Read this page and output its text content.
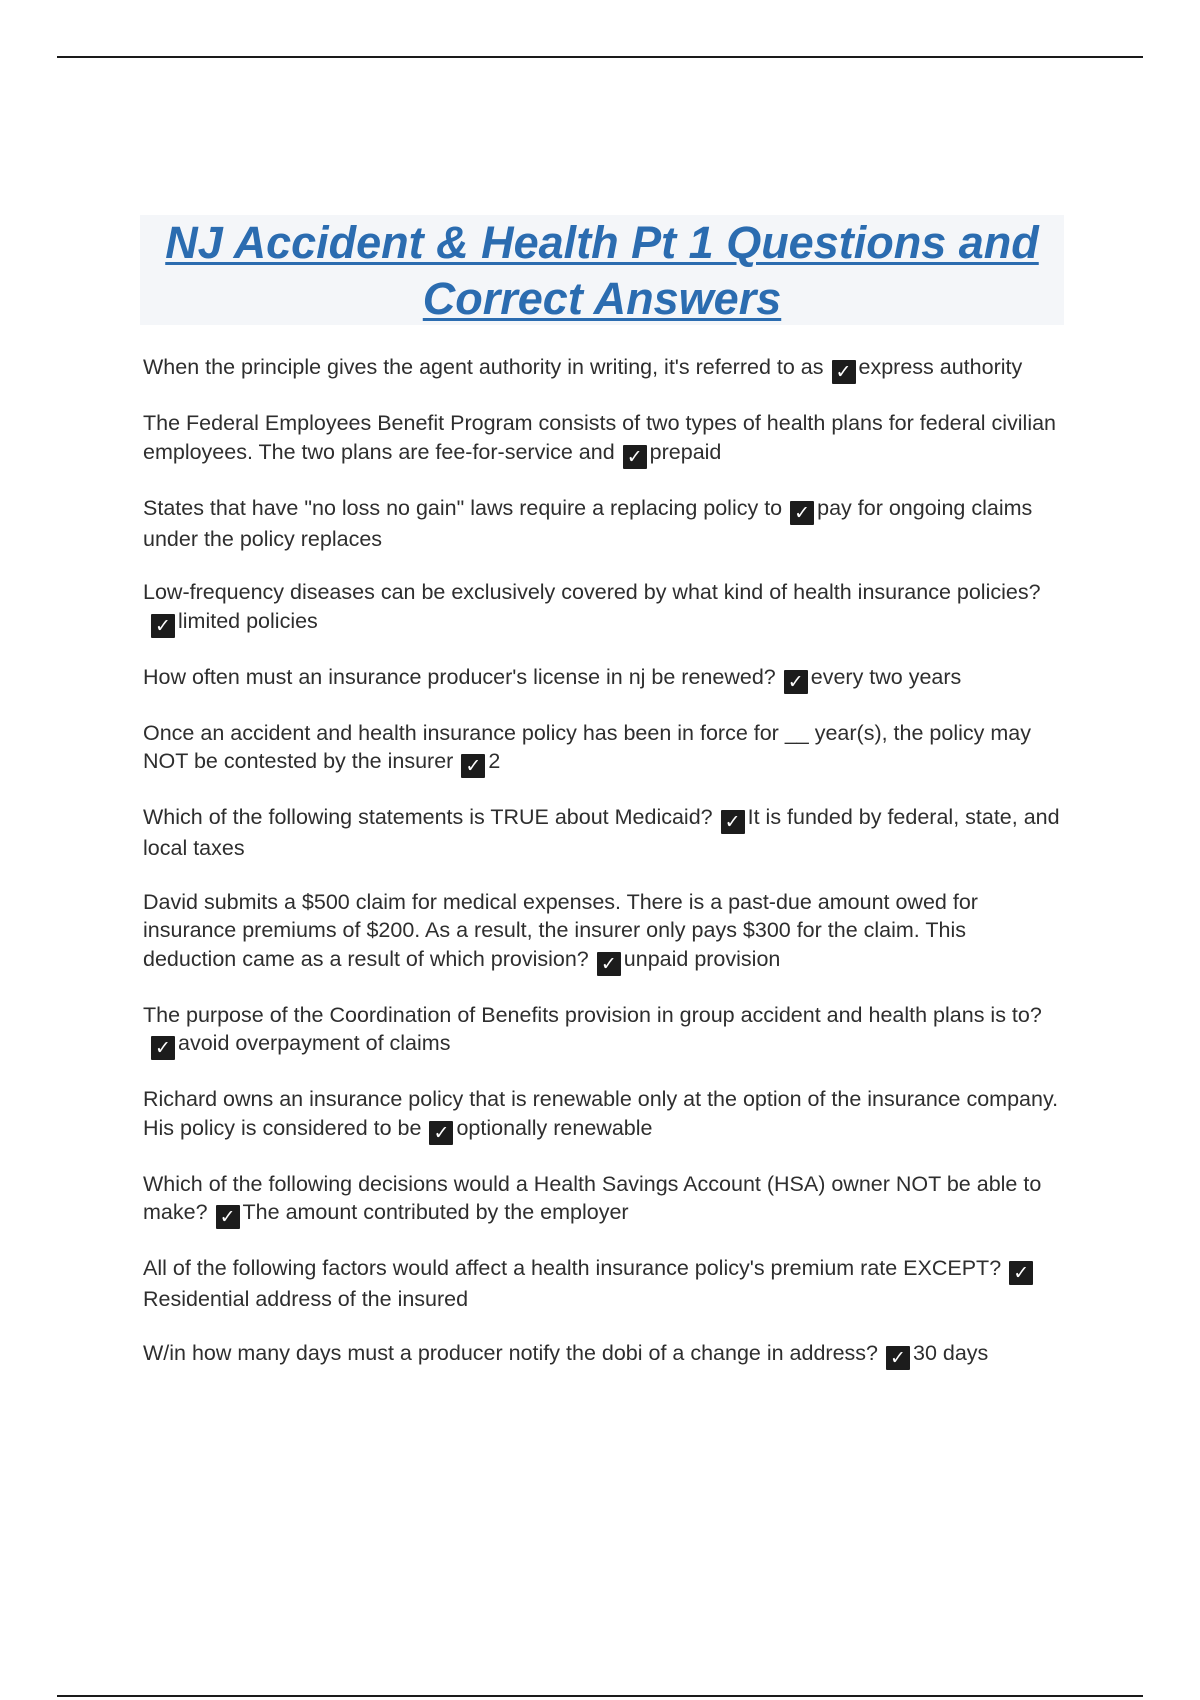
NJ Accident & Health Pt 1 Questions and Correct Answers

When the principle gives the agent authority in writing, it's referred to as ✓ express authority

The Federal Employees Benefit Program consists of two types of health plans for federal civilian employees. The two plans are fee-for-service and ✓ prepaid

States that have "no loss no gain" laws require a replacing policy to ✓ pay for ongoing claims under the policy replaces

Low-frequency diseases can be exclusively covered by what kind of health insurance policies?✓ limited policies

How often must an insurance producer's license in nj be renewed? ✓ every two years

Once an accident and health insurance policy has been in force for __ year(s), the policy may NOT be contested by the insurer ✓ 2

Which of the following statements is TRUE about Medicaid? ✓ It is funded by federal, state, and local taxes

David submits a $500 claim for medical expenses. There is a past-due amount owed for insurance premiums of $200. As a result, the insurer only pays $300 for the claim. This deduction came as a result of which provision? ✓ unpaid provision

The purpose of the Coordination of Benefits provision in group accident and health plans is to?✓ avoid overpayment of claims

Richard owns an insurance policy that is renewable only at the option of the insurance company. His policy is considered to be ✓ optionally renewable

Which of the following decisions would a Health Savings Account (HSA) owner NOT be able to make? ✓ The amount contributed by the employer

All of the following factors would affect a health insurance policy's premium rate EXCEPT? ✓Residential address of the insured

W/in how many days must a producer notify the dobi of a change in address? ✓ 30 days
